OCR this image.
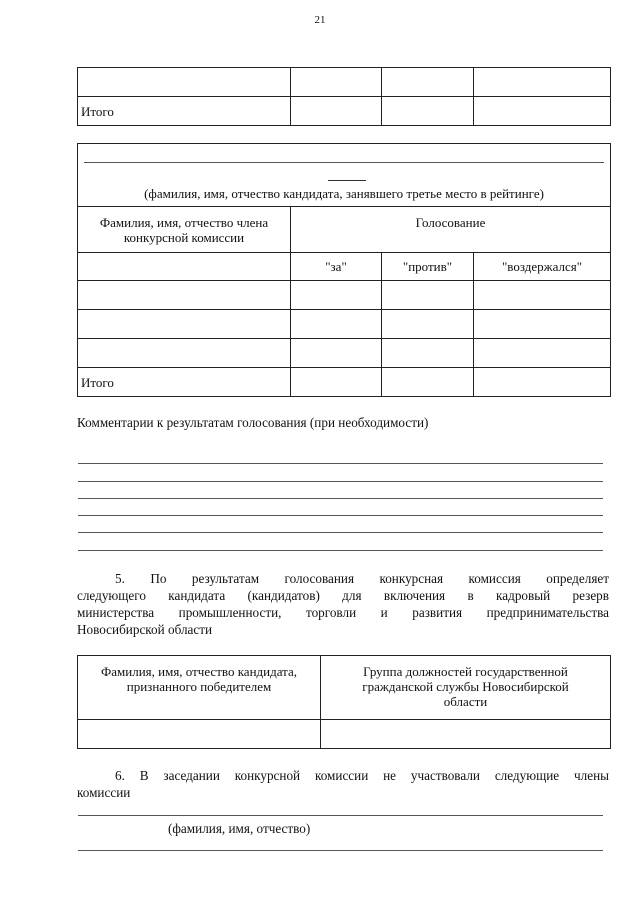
21

Итого			
(фамилия, имя, отчество кандидата, занявшего третье место в рейтинге)			

Фамилия, имя, отчество члена конкурсной комиссии	Голосование		
	"за"	"против"	"воздержался"

Итого			
Комментарии к результатам голосования (при необходимости)
5. По результатам голосования конкурсная комиссия определяет
следующего кандидата (кандидатов) для включения в кадровый резерв
министерства промышленности, торговли и развития предпринимательства
Новосибирской области
Фамилия, имя, отчество кандидата, признанного победителем	Группа должностей государственной гражданской службы Новосибирской области

6. В заседании конкурсной комиссии не участвовали следующие члены
комиссии
(фамилия, имя, отчество)
